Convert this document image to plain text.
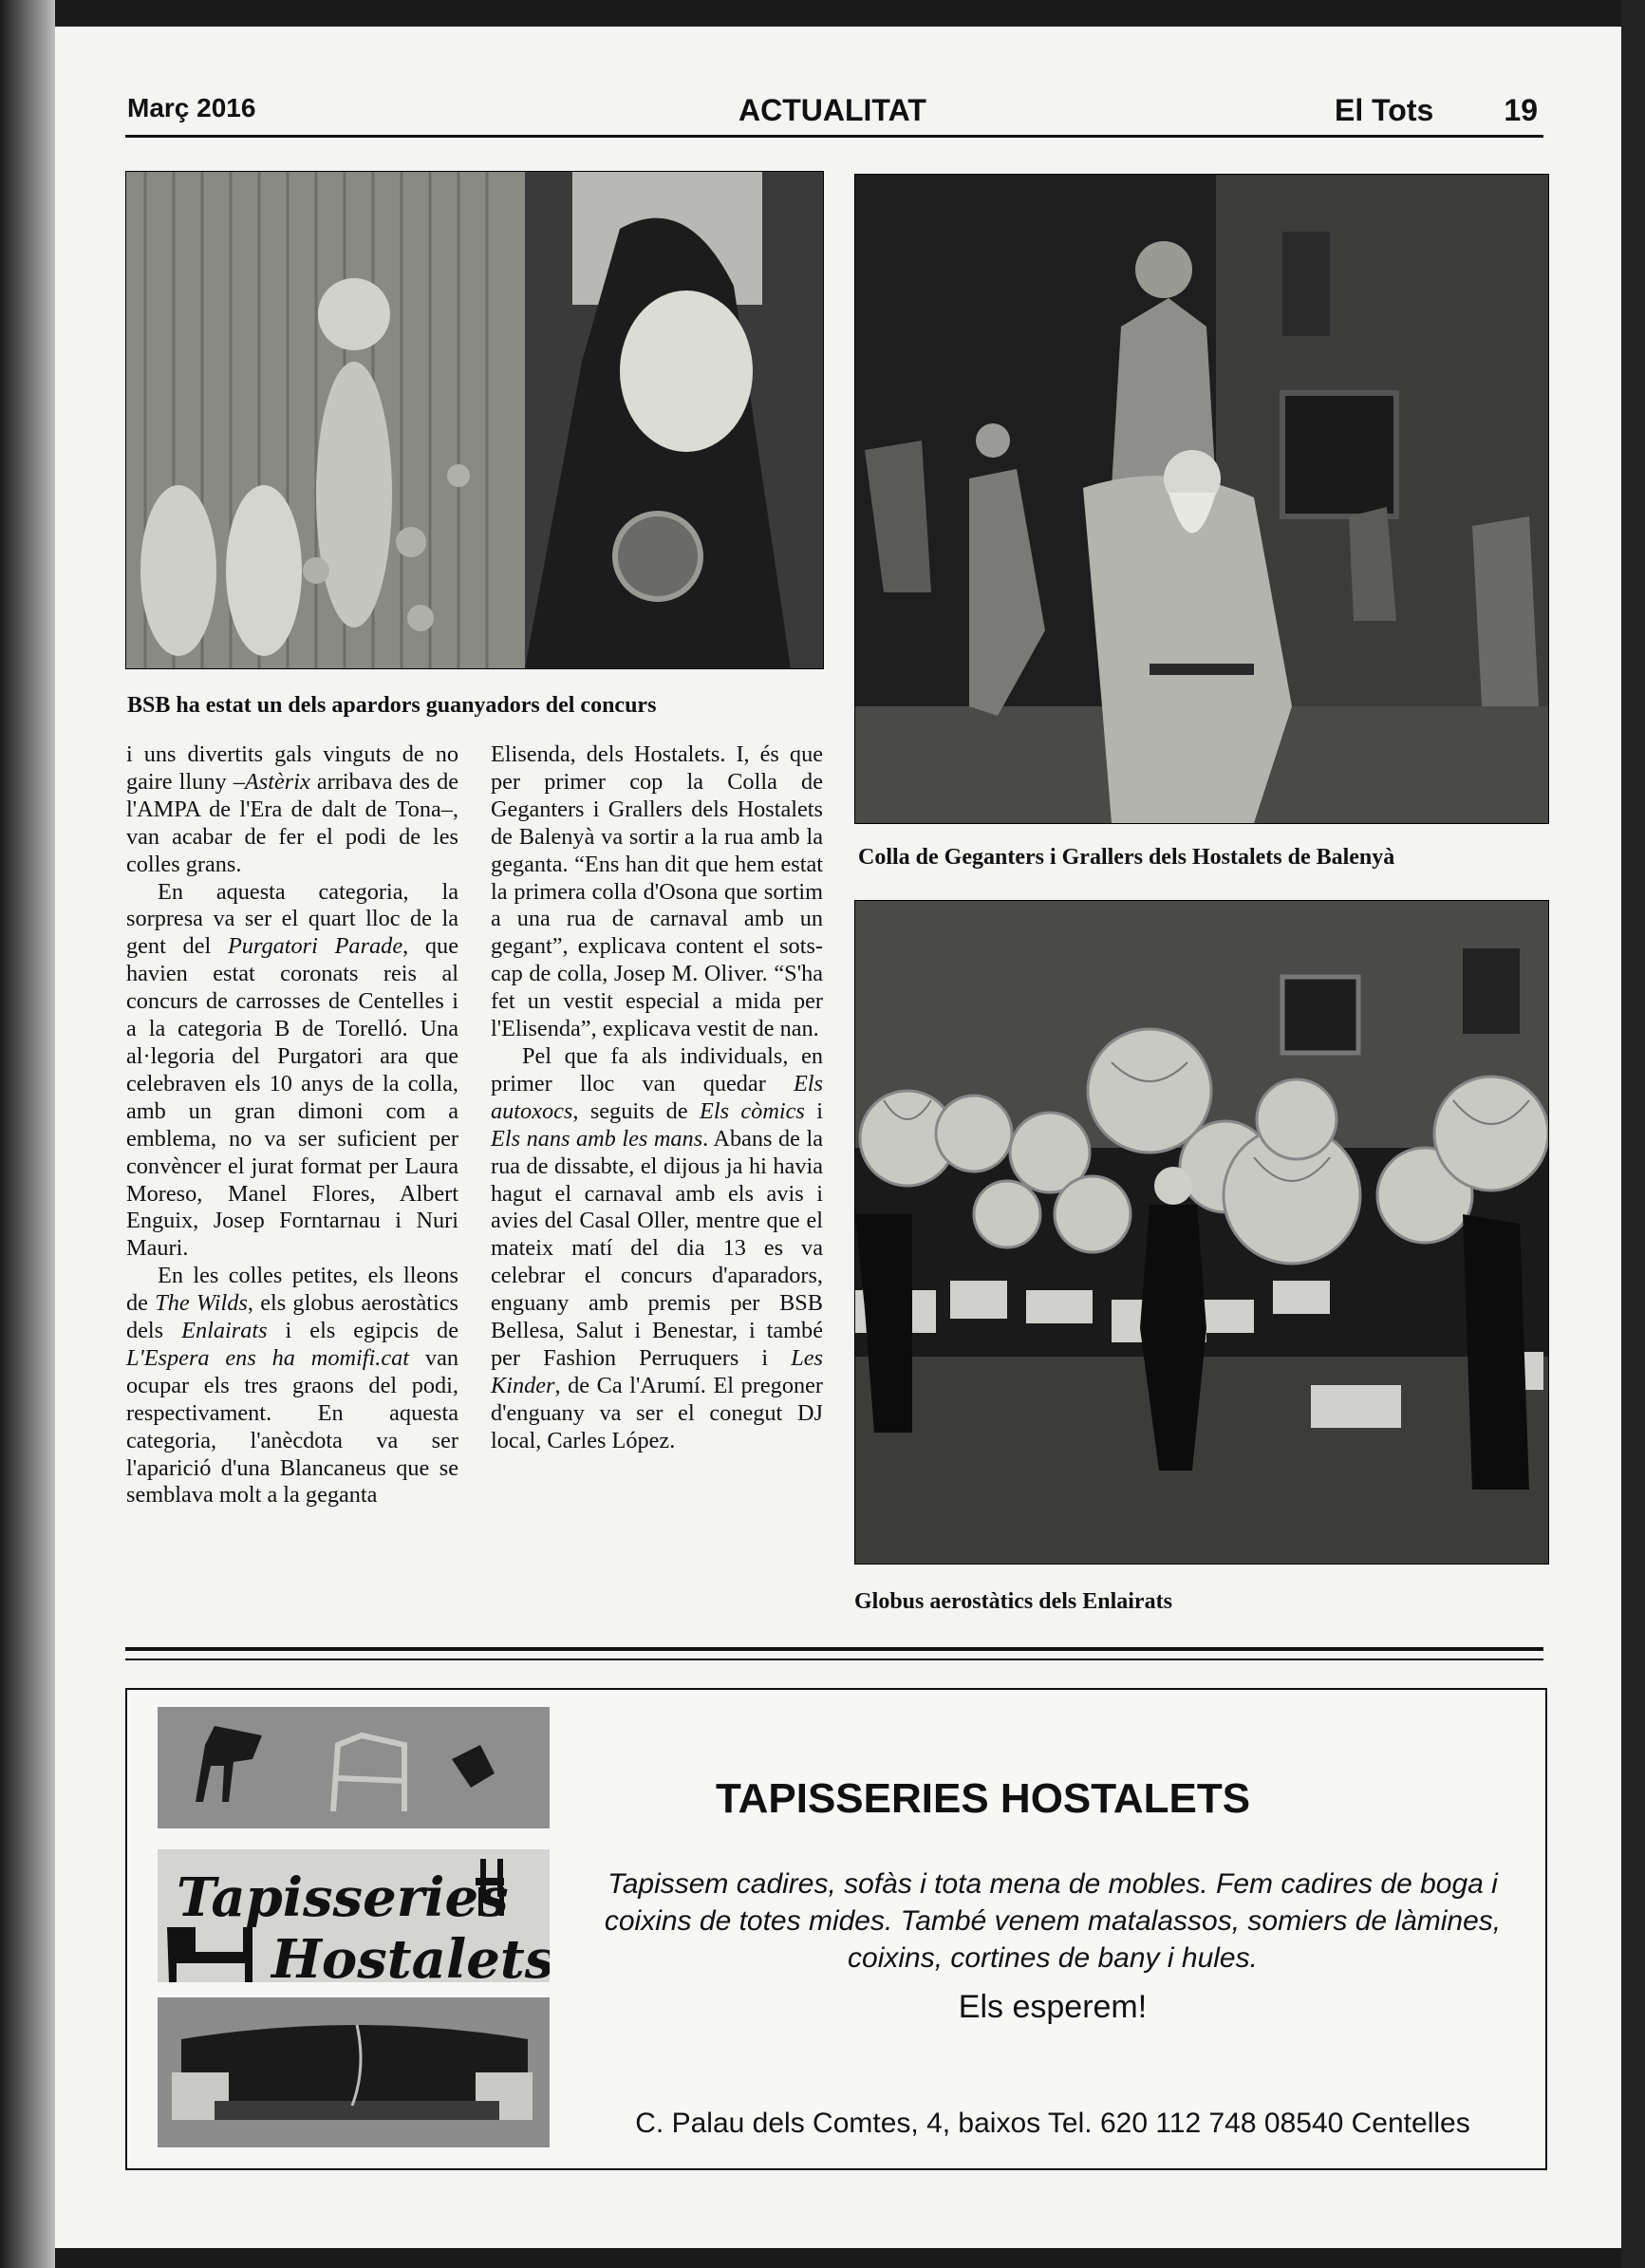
Març 2016	ACTUALITAT	El Tots 19
BSB ha estat un dels apardors guanyadors del concurs
Colla de Geganters i Grallers dels Hostalets de Balenyà
Globus aerostàtics dels Enlairats

i uns divertits gals vinguts de no gaire lluny –Astèrix arribava des de l'AMPA de l'Era de dalt de Tona–, van acabar de fer el podi de les colles grans.

En aquesta categoria, la sorpresa va ser el quart lloc de la gent del Purgatori Parade, que havien estat coronats reis al concurs de carrosses de Centelles i a la categoria B de Torelló. Una al·legoria del Purgatori ara que celebraven els 10 anys de la colla, amb un gran dimoni com a emblema, no va ser suficient per convèncer el jurat format per Laura Moreso, Manel Flores, Albert Enguix, Josep Forntarnau i Nuri Mauri.

En les colles petites, els lleons de The Wilds, els globus aerostàtics dels Enlairats i els egipcis de L'Espera ens ha momifi.cat van ocupar els tres graons del podi, respectivament. En aquesta categoria, l'anècdota va ser l'aparició d'una Blancaneus que se semblava molt a la geganta

Elisenda, dels Hostalets. I, és que per primer cop la Colla de Geganters i Grallers dels Hostalets de Balenyà va sortir a la rua amb la geganta. “Ens han dit que hem estat la primera colla d'Osona que sortim a una rua de carnaval amb un gegant”, explicava content el sots-cap de colla, Josep M. Oliver. “S'ha fet un vestit especial a mida per l'Elisenda”, explicava vestit de nan.

Pel que fa als individuals, en primer lloc van quedar Els autoxocs, seguits de Els còmics i Els nans amb les mans. Abans de la rua de dissabte, el dijous ja hi havia hagut el carnaval amb els avis i avies del Casal Oller, mentre que el mateix matí del dia 13 es va celebrar el concurs d'aparadors, enguany amb premis per BSB Bellesa, Salut i Benestar, i també per Fashion Perruquers i Les Kinder, de Ca l'Arumí. El pregoner d'enguany va ser el conegut DJ local, Carles López.

Tapisseries
Hostalets
TAPISSERIES HOSTALETS
Tapissem cadires, sofàs i tota mena de mobles. Fem cadires de boga i coixins de totes mides. També venem matalassos, somiers de làmines, coixins, cortines de bany i hules.
Els esperem!
C. Palau dels Comtes, 4, baixos Tel. 620 112 748 08540 Centelles
